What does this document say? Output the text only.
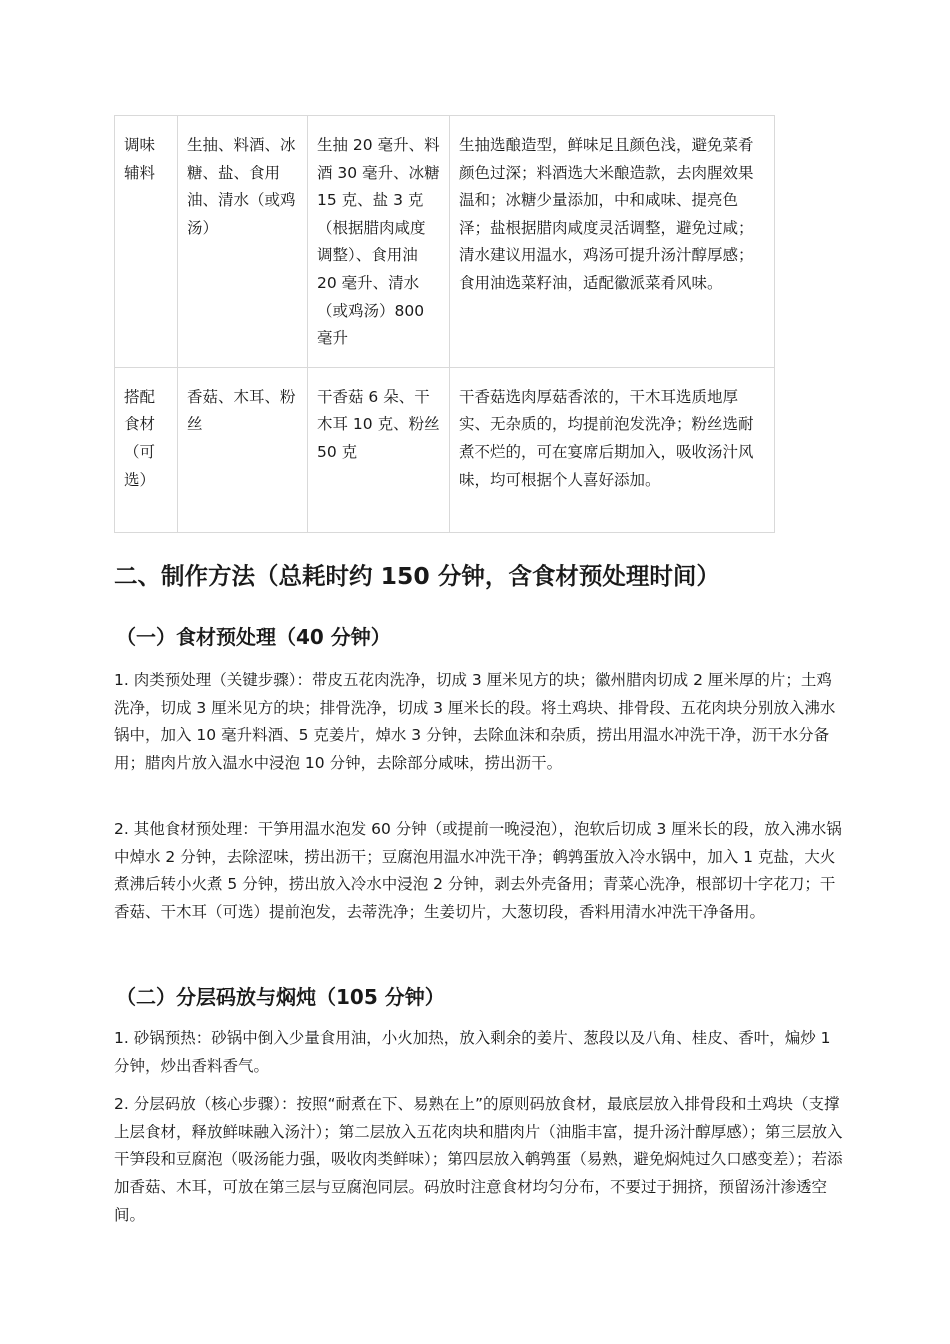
调味辅料	生抽、料酒、冰糖、盐、食用油、清水（或鸡汤）	生抽 20 毫升、料酒 30 毫升、冰糖 15 克、盐 3 克（根据腊肉咸度调整）、食用油 20 毫升、清水（或鸡汤）800 毫升	生抽选酿造型，鲜味足且颜色浅，避免菜肴颜色过深；料酒选大米酿造款，去肉腥效果温和；冰糖少量添加，中和咸味、提亮色泽；盐根据腊肉咸度灵活调整，避免过咸；清水建议用温水，鸡汤可提升汤汁醇厚感；食用油选菜籽油，适配徽派菜肴风味。
搭配食材（可选）	香菇、木耳、粉丝	干香菇 6 朵、干木耳 10 克、粉丝 50 克	干香菇选肉厚菇香浓的，干木耳选质地厚实、无杂质的，均提前泡发洗净；粉丝选耐煮不烂的，可在宴席后期加入，吸收汤汁风味，均可根据个人喜好添加。
二、制作方法（总耗时约 150 分钟，含食材预处理时间）
（一）食材预处理（40 分钟）

1. 肉类预处理（关键步骤）：带皮五花肉洗净，切成 3 厘米见方的块；徽州腊肉切成 2 厘米厚的片；土鸡洗净，切成 3 厘米见方的块；排骨洗净，切成 3 厘米长的段。将土鸡块、排骨段、五花肉块分别放入沸水锅中，加入 10 毫升料酒、5 克姜片，焯水 3 分钟，去除血沫和杂质，捞出用温水冲洗干净，沥干水分备用；腊肉片放入温水中浸泡 10 分钟，去除部分咸味，捞出沥干。

2. 其他食材预处理：干笋用温水泡发 60 分钟（或提前一晚浸泡），泡软后切成 3 厘米长的段，放入沸水锅中焯水 2 分钟，去除涩味，捞出沥干；豆腐泡用温水冲洗干净；鹌鹑蛋放入冷水锅中，加入 1 克盐，大火煮沸后转小火煮 5 分钟，捞出放入冷水中浸泡 2 分钟，剥去外壳备用；青菜心洗净，根部切十字花刀；干香菇、干木耳（可选）提前泡发，去蒂洗净；生姜切片，大葱切段，香料用清水冲洗干净备用。

（二）分层码放与焖炖（105 分钟）

1. 砂锅预热：砂锅中倒入少量食用油，小火加热，放入剩余的姜片、葱段以及八角、桂皮、香叶，煸炒 1 分钟，炒出香料香气。

2. 分层码放（核心步骤）：按照“耐煮在下、易熟在上”的原则码放食材，最底层放入排骨段和土鸡块（支撑上层食材，释放鲜味融入汤汁）；第二层放入五花肉块和腊肉片（油脂丰富，提升汤汁醇厚感）；第三层放入干笋段和豆腐泡（吸汤能力强，吸收肉类鲜味）；第四层放入鹌鹑蛋（易熟，避免焖炖过久口感变差）；若添加香菇、木耳，可放在第三层与豆腐泡同层。码放时注意食材均匀分布，不要过于拥挤，预留汤汁渗透空间。
